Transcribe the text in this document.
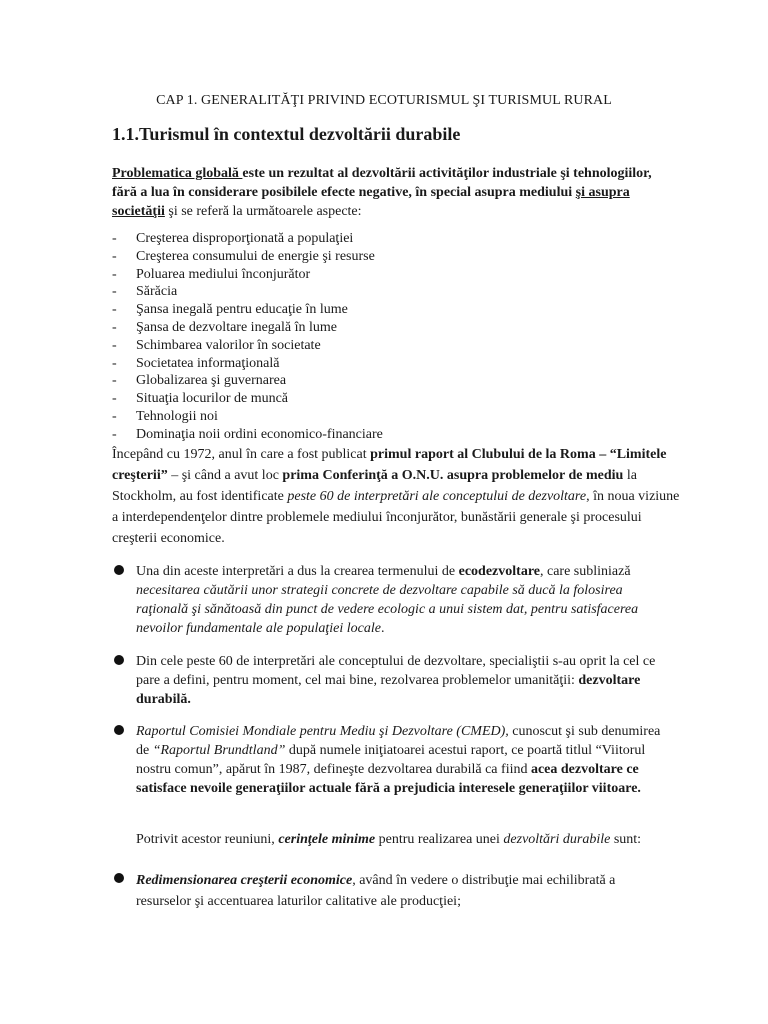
CAP 1. GENERALITĂŢI PRIVIND ECOTURISMUL ŞI TURISMUL RURAL
1.1.Turismul în contextul dezvoltării durabile
Problematica globală este un rezultat al dezvoltării activităţilor industriale şi tehnologiilor, fără a lua în considerare posibilele efecte negative, în special asupra mediului şi asupra societăţii şi se referă la următoarele aspecte:
- Creşterea disproporţionată a populaţiei
- Creşterea consumului de energie şi resurse
- Poluarea mediului înconjurător
- Sărăcia
- Şansa inegală pentru educaţie în lume
- Şansa de dezvoltare inegală în lume
- Schimbarea valorilor în societate
- Societatea informaţională
- Globalizarea şi guvernarea
- Situaţia locurilor de muncă
- Tehnologii noi
- Dominaţia noii ordini economico-financiare
Începând cu 1972, anul în care a fost publicat primul raport al Clubului de la Roma – “Limitele creşterii” – şi când a avut loc prima Conferinţă a O.N.U. asupra problemelor de mediu la Stockholm, au fost identificate peste 60 de interpretări ale conceptului de dezvoltare, în noua viziune a interdependenţelor dintre problemele mediului înconjurător, bunăstării generale şi procesului creşterii economice.
Una din aceste interpretări a dus la crearea termenului de ecodezvoltare, care subliniază necesitarea căutării unor strategii concrete de dezvoltare capabile să ducă la folosirea raţională şi sănătoasă din punct de vedere ecologic a unui sistem dat, pentru satisfacerea nevoilor fundamentale ale populaţiei locale.
Din cele peste 60 de interpretări ale conceptului de dezvoltare, specialiştii s-au oprit la cel ce pare a defini, pentru moment, cel mai bine, rezolvarea problemelor umanităţii: dezvoltare durabilă.
Raportul Comisiei Mondiale pentru Mediu şi Dezvoltare (CMED), cunoscut şi sub denumirea de “Raportul Brundtland” după numele iniţiatoarei acestui raport, ce poartă titlul “Viitorul nostru comun”, apărut în 1987, defineşte dezvoltarea durabilă ca fiind acea dezvoltare ce satisface nevoile generaţiilor actuale fără a prejudicia interesele generaţiilor viitoare.
Potrivit acestor reuniuni, cerinţele minime pentru realizarea unei dezvoltări durabile sunt:
Redimensionarea creşterii economice, având în vedere o distribuţie mai echilibrată a resurselor şi accentuarea laturilor calitative ale producţiei;
